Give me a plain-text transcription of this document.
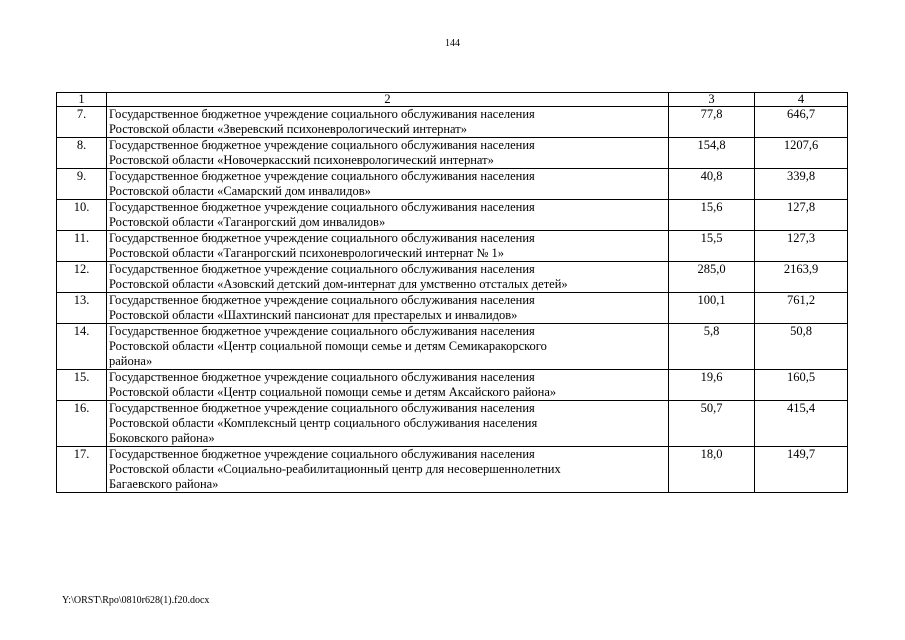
144
1	2	3	4
7.	Государственное бюджетное учреждение социального обслуживания населения
Ростовской области «Зверевский психоневрологический интернат»	77,8	646,7
8.	Государственное бюджетное учреждение социального обслуживания населения
Ростовской области «Новочеркасский психоневрологический интернат»	154,8	1207,6
9.	Государственное бюджетное учреждение социального обслуживания населения
Ростовской области «Самарский дом инвалидов»	40,8	339,8
10.	Государственное бюджетное учреждение социального обслуживания населения
Ростовской области «Таганрогский дом инвалидов»	15,6	127,8
11.	Государственное бюджетное учреждение социального обслуживания населения
Ростовской области «Таганрогский психоневрологический интернат № 1»	15,5	127,3
12.	Государственное бюджетное учреждение социального обслуживания населения
Ростовской области «Азовский детский дом-интернат для умственно отсталых детей»	285,0	2163,9
13.	Государственное бюджетное учреждение социального обслуживания населения
Ростовской области «Шахтинский пансионат для престарелых и инвалидов»	100,1	761,2
14.	Государственное бюджетное учреждение социального обслуживания населения
Ростовской области «Центр социальной помощи семье и детям Семикаракорского
района»	5,8	50,8
15.	Государственное бюджетное учреждение социального обслуживания населения
Ростовской области «Центр социальной помощи семье и детям Аксайского района»	19,6	160,5
16.	Государственное бюджетное учреждение социального обслуживания населения
Ростовской области «Комплексный центр социального обслуживания населения
Боковского района»	50,7	415,4
17.	Государственное бюджетное учреждение социального обслуживания населения
Ростовской области «Социально-реабилитационный центр для несовершеннолетних
Багаевского района»	18,0	149,7
Y:\ORST\Rpo\0810r628(1).f20.docx
